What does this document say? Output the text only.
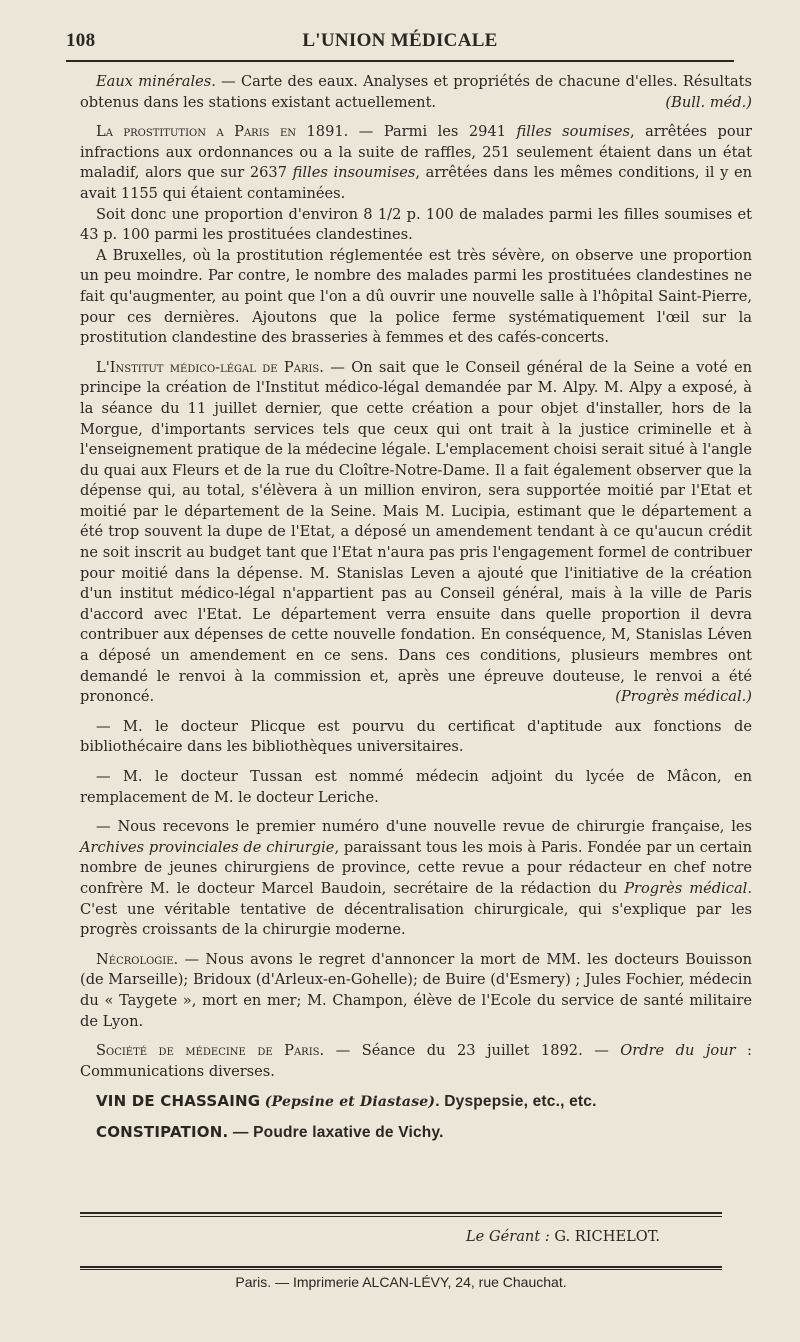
108	L'UNION MÉDICALE

Eaux minérales. — Carte des eaux. Analyses et propriétés de chacune d'elles. Résultats obtenus dans les stations existant actuellement.	(Bull. méd.)

La prostitution a Paris en 1891. — Parmi les 2941 filles soumises, arrêtées pour infractions aux ordonnances ou a la suite de raffles, 251 seulement étaient dans un état maladif, alors que sur 2637 filles insoumises, arrêtées dans les mêmes conditions, il y en avait 1155 qui étaient contaminées.

Soit donc une proportion d'environ 8 1/2 p. 100 de malades parmi les filles soumises et 43 p. 100 parmi les prostituées clandestines.

A Bruxelles, où la prostitution réglementée est très sévère, on observe une proportion un peu moindre. Par contre, le nombre des malades parmi les prostituées clandestines ne fait qu'augmenter, au point que l'on a dû ouvrir une nouvelle salle à l'hôpital Saint-Pierre, pour ces dernières. Ajoutons que la police ferme systématiquement l'œil sur la prostitution clandestine des brasseries à femmes et des cafés-concerts.

L'Institut médico-légal de Paris. — On sait que le Conseil général de la Seine a voté en principe la création de l'Institut médico-légal demandée par M. Alpy. M. Alpy a exposé, à la séance du 11 juillet dernier, que cette création a pour objet d'installer, hors de la Morgue, d'importants services tels que ceux qui ont trait à la justice criminelle et à l'enseignement pratique de la médecine légale. L'emplacement choisi serait situé à l'angle du quai aux Fleurs et de la rue du Cloître-Notre-Dame. Il a fait également observer que la dépense qui, au total, s'élèvera à un million environ, sera supportée moitié par l'Etat et moitié par le département de la Seine. Mais M. Lucipia, estimant que le département a été trop souvent la dupe de l'Etat, a déposé un amendement tendant à ce qu'aucun crédit ne soit inscrit au budget tant que l'Etat n'aura pas pris l'engagement formel de contribuer pour moitié dans la dépense. M. Stanislas Leven a ajouté que l'initiative de la création d'un institut médico-légal n'appartient pas au Conseil général, mais à la ville de Paris d'accord avec l'Etat. Le département verra ensuite dans quelle proportion il devra contribuer aux dépenses de cette nouvelle fondation. En conséquence, M, Stanislas Léven a déposé un amendement en ce sens. Dans ces conditions, plusieurs membres ont demandé le renvoi à la commission et, après une épreuve douteuse, le renvoi a été prononcé.	(Progrès médical.)

— M. le docteur Plicque est pourvu du certificat d'aptitude aux fonctions de bibliothécaire dans les bibliothèques universitaires.

— M. le docteur Tussan est nommé médecin adjoint du lycée de Mâcon, en remplacement de M. le docteur Leriche.

— Nous recevons le premier numéro d'une nouvelle revue de chirurgie française, les Archives provinciales de chirurgie, paraissant tous les mois à Paris. Fondée par un certain nombre de jeunes chirurgiens de province, cette revue a pour rédacteur en chef notre confrère M. le docteur Marcel Baudoin, secrétaire de la rédaction du Progrès médical. C'est une véritable tentative de décentralisation chirurgicale, qui s'explique par les progrès croissants de la chirurgie moderne.

Nécrologie. — Nous avons le regret d'annoncer la mort de MM. les docteurs Bouisson (de Marseille); Bridoux (d'Arleux-en-Gohelle); de Buire (d'Esmery) ; Jules Fochier, médecin du « Taygete », mort en mer; M. Champon, élève de l'Ecole du service de santé militaire de Lyon.

Société de médecine de Paris. — Séance du 23 juillet 1892. — Ordre du jour : Communications diverses.

VIN DE CHASSAING (Pepsine et Diastase). Dyspepsie, etc., etc.

CONSTIPATION. — Poudre laxative de Vichy.

Le Gérant : G. RICHELOT.
Paris. — Imprimerie ALCAN-LÉVY, 24, rue Chauchat.
